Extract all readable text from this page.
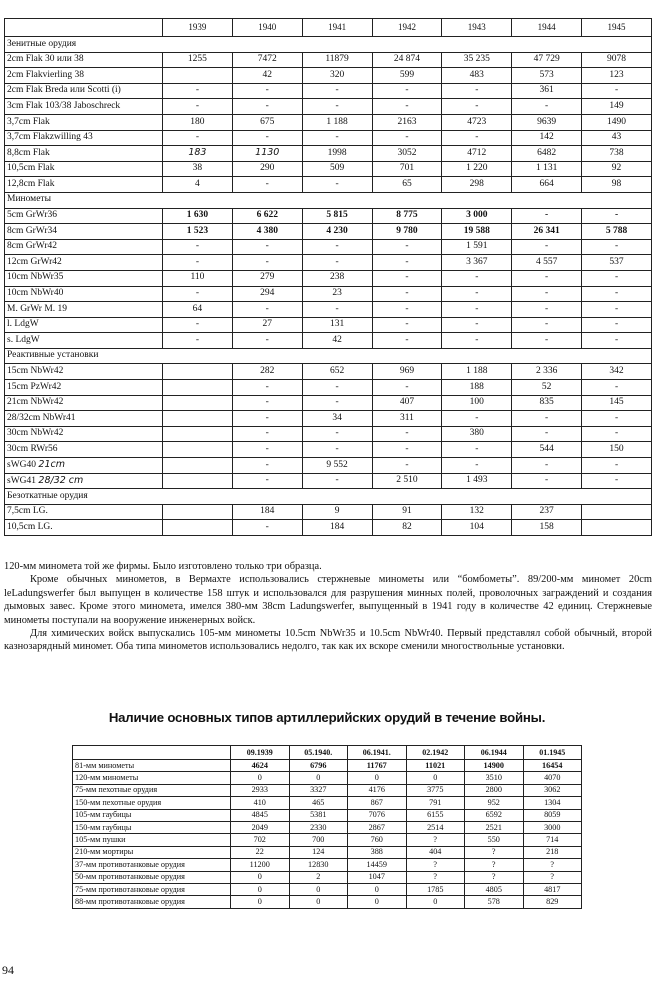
	1939	1940	1941	1942	1943	1944	1945
Зенитные орудия							
2cm Flak 30 или 38	1255	7472	11879	24 874	35 235	47 729	9078
2cm Flakvierling 38		42	320	599	483	573	123
2cm Flak Breda или Scotti (i)	-	-	-	-	-	361	-
3cm Flak 103/38 Jaboschreck	-	-	-	-	-	-	149
3,7cm Flak	180	675	1 188	2163	4723	9639	1490
3,7cm Flakzwilling 43	-	-	-	-	-	142	43
8,8cm Flak	183	1130	1998	3052	4712	6482	738
10,5cm Flak	38	290	509	701	1 220	1 131	92
12,8cm Flak	4	-	-	65	298	664	98
Минометы							
5cm GrWr36	1 630	6 622	5 815	8 775	3 000	-	-
8cm GrWr34	1 523	4 380	4 230	9 780	19 588	26 341	5 788
8cm GrWr42	-	-	-	-	1 591	-	-
12cm GrWr42	-	-	-	-	3 367	4 557	537
10cm NbWr35	110	279	238	-	-	-	-
10cm NbWr40	-	294	23	-	-	-	-
M. GrWr M. 19	64	-	-	-	-	-	-
l. LdgW	-	27	131	-	-	-	-
s. LdgW	-	-	42	-	-	-	-
Реактивные установки							
15cm NbWr42		282	652	969	1 188	2 336	342
15cm PzWr42		-	-	-	188	52	-
21cm NbWr42		-	-	407	100	835	145
28/32cm NbWr41		-	34	311	-	-	-
30cm NbWr42		-	-	-	380	-	-
30cm RWr56		-	-	-	-	544	150
sWG40 21cm		-	9 552	-	-	-	-
sWG41 28/32 cm		-	-	2 510	1 493	-	-
Безоткатные орудия							
7,5cm LG.		184	9	91	132	237	
10,5cm LG.		-	184	82	104	158	

120-мм миномета той же фирмы. Было изготовлено только три образца.

Кроме обычных минометов, в Вермахте использовались стержневые минометы или “бомбометы”. 89/200-мм миномет 20cm leLadungswerfer был выпущен в количестве 158 штук и использовался для разрушения минных полей, проволочных заграждений и создания дымовых завес. Кроме этого миномета, имелся 380-мм 38cm Ladungswerfer, выпущенный в 1941 году в количестве 42 единиц. Стержневые минометы поступали на вооружение инженерных войск.

Для химических войск выпускались 105-мм минометы 10.5cm NbWr35 и 10.5cm NbWr40. Первый представлял собой обычный, второй казнозарядный миномет. Оба типа минометов использовались недолго, так как их вскоре сменили многоствольные установки.

Наличие основных типов артиллерийских орудий в течение войны.
	09.1939	05.1940.	06.1941.	02.1942	06.1944	01.1945
81-мм минометы	4624	6796	11767	11021	14900	16454
120-мм минометы	0	0	0	0	3510	4070
75-мм пехотные орудия	2933	3327	4176	3775	2800	3062
150-мм пехотные орудия	410	465	867	791	952	1304
105-мм гаубицы	4845	5381	7076	6155	6592	8059
150-мм гаубицы	2049	2330	2867	2514	2521	3000
105-мм пушки	702	700	760	?	550	714
210-мм мортиры	22	124	388	404	?	218
37-мм противотанковые орудия	11200	12830	14459	?	?	?
50-мм противотанковые орудия	0	2	1047	?	?	?
75-мм противотанковые орудия	0	0	0	1785	4805	4817
88-мм противотанковые орудия	0	0	0	0	578	829
94
